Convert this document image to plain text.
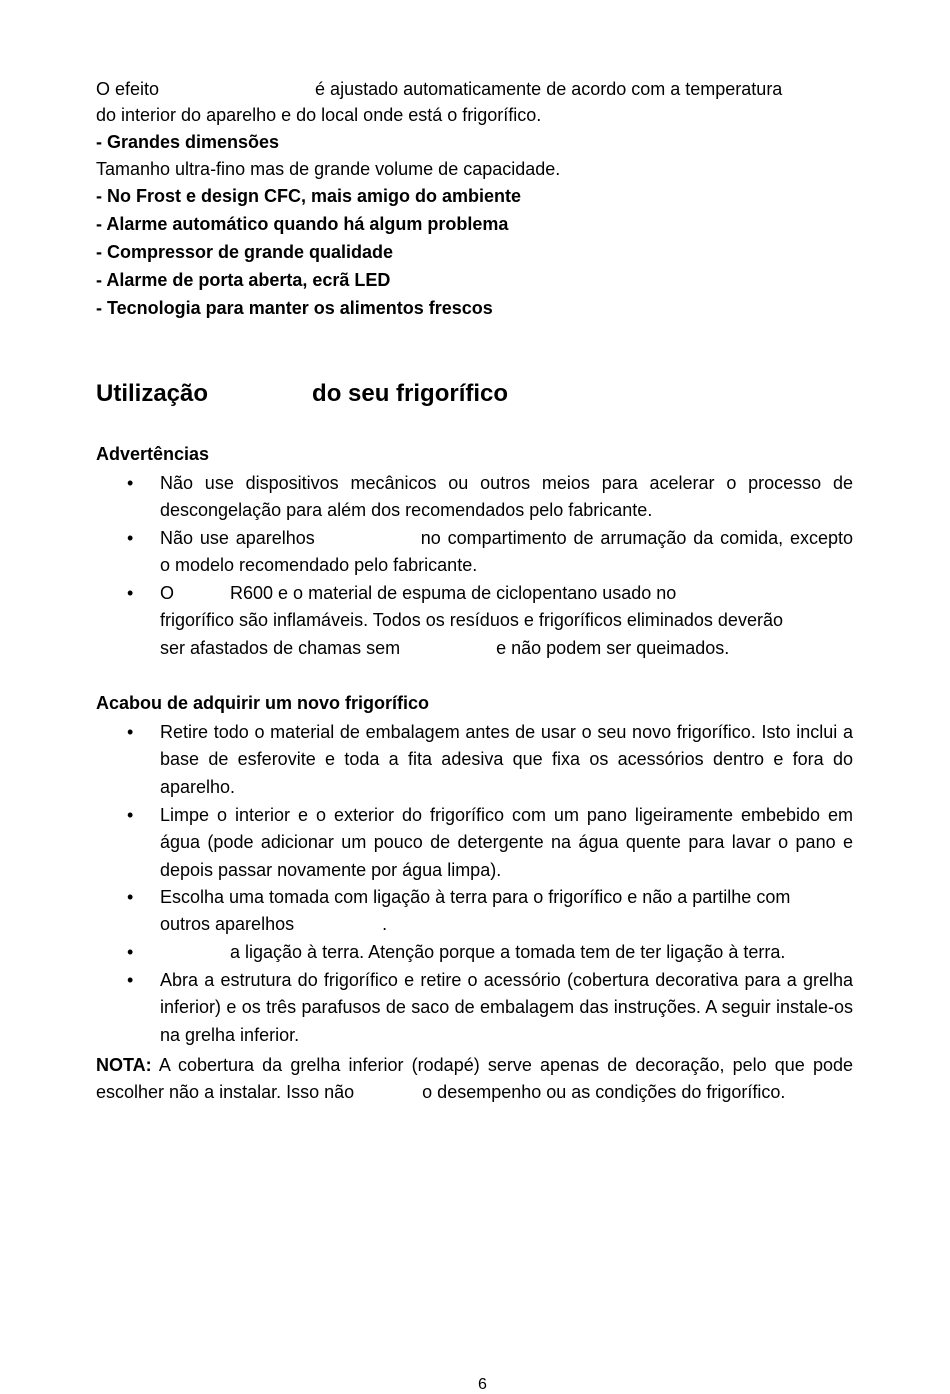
O efeito	é ajustado automaticamente de acordo com a temperatura
do interior do aparelho e do local onde está o frigorífico.
- Grandes dimensões
Tamanho ultra-fino mas de grande volume de capacidade.
- No Frost e design CFC, mais amigo do ambiente
- Alarme automático quando há algum problema
- Compressor de grande qualidade
- Alarme de porta aberta, ecrã LED
- Tecnologia para manter os alimentos frescos
Utilização	do seu frigorífico
Advertências
• Não use dispositivos mecânicos ou outros meios para acelerar o processo de descongelação para além dos recomendados pelo fabricante.
• Não use aparelhos	no compartimento de arrumação da comida, excepto o modelo recomendado pelo fabricante.
• O	R600 e o material de espuma de ciclopentano usado no
frigorífico são inflamáveis. Todos os resíduos e frigoríficos eliminados deverão
ser afastados de chamas sem	e não podem ser queimados.
Acabou de adquirir um novo frigorífico
• Retire todo o material de embalagem antes de usar o seu novo frigorífico. Isto inclui a base de esferovite e toda a fita adesiva que fixa os acessórios dentro e fora do aparelho.
• Limpe o interior e o exterior do frigorífico com um pano ligeiramente embebido em água (pode adicionar um pouco de detergente na água quente para lavar o pano e depois passar novamente por água limpa).
• Escolha uma tomada com ligação à terra para o frigorífico e não a partilhe com
outros aparelhos	.
•	a ligação à terra. Atenção porque a tomada tem de ter ligação à terra.
• Abra a estrutura do frigorífico e retire o acessório (cobertura decorativa para a grelha inferior) e os três parafusos de saco de embalagem das instruções. A seguir instale-os na grelha inferior.
NOTA: A cobertura da grelha inferior (rodapé) serve apenas de decoração, pelo que pode escolher não a instalar. Isso não	o desempenho ou as condições do frigorífico.
6
